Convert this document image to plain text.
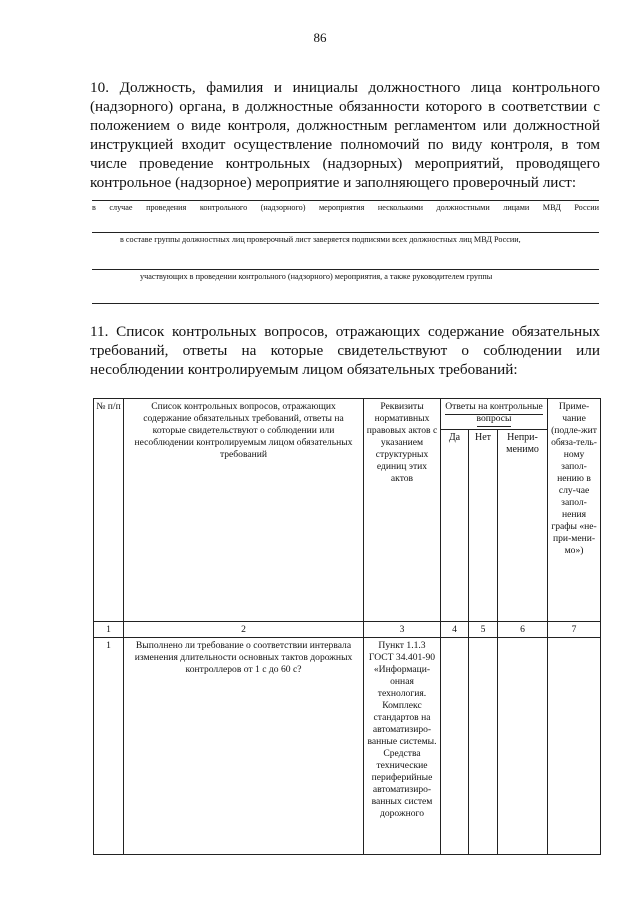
86
10. Должность, фамилия и инициалы должностного лица контрольного (надзорного) органа, в должностные обязанности которого в соответствии с положением о виде контроля, должностным регламентом или должностной инструкцией входит осуществление полномочий по виду контроля, в том числе проведение контрольных (надзорных) мероприятий, проводящего контрольное (надзорное) мероприятие и заполняющего проверочный лист:
в случае проведения контрольного (надзорного) мероприятия несколькими должностными лицами МВД России
в составе группы должностных лиц проверочный лист заверяется подписями всех должностных лиц МВД России,
участвующих в проведении контрольного (надзорного) мероприятия, а также руководителем группы
11. Список контрольных вопросов, отражающих содержание обязательных требований, ответы на которые свидетельствуют о соблюдении или несоблюдении контролируемым лицом обязательных требований:
№ п/п	Список контрольных вопросов, отражающих содержание обязательных требований, ответы на которые свидетельствуют о соблюдении или несоблюдении контролируемым лицом обязательных требований	Реквизиты нормативных правовых актов с указанием структурных единиц этих актов	Ответы на контрольные вопросы			Приме-чание (подле-жит обяза-тель-ному запол-нению в слу-чае запол-нения графы «не-при-мени-мо»)
			Да	Нет	Непри-менимо	
1	2	3	4	5	6	7
1	Выполнено ли требование о соответствии интервала изменения длительности основных тактов дорожных контроллеров от 1 с до 60 с?	Пункт 1.1.3 ГОСТ 34.401-90 «Информаци-онная технология. Комплекс стандартов на автоматизиро-ванные системы. Средства технические периферийные автоматизиро-ванных систем дорожного				
